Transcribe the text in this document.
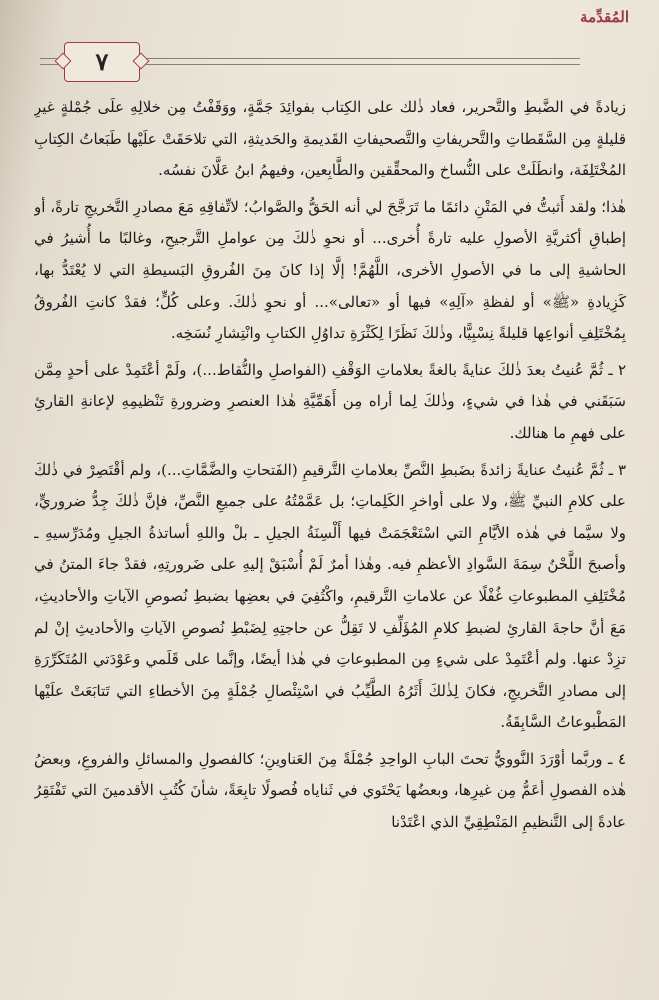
المُقدِّمة
٧

زيادةً في الضَّبطِ والتَّحرير، فعاد ذٰلك على الكِتاب بفوائِدَ جَمَّةٍ، ووَقَفْتُ مِن خلالِهِ علَى جُمْلةٍ غيرِ قليلةٍ مِن السَّقَطاتِ والتَّحريفاتِ والتَّصحيفاتِ القَديمةِ والحَديثةِ، التي تلاحَقَتْ علَيْها طَبَعاتُ الكِتابِ المُخْتَلِفَة، وانطَلَتْ على النُّساخ والمحقِّقين والطَّابِعين، وفيهمُ ابنُ عَلَّانَ نفسُه.

هٰذا؛ ولقد أَثبتُّ في المَتْنِ دائمًا ما تَرَجَّحَ لي أنه الحَقُّ والصَّوابُ؛ لاتِّفاقِهِ مَعَ مصادرِ التَّخريجِ تارةً، أو إطباقِ أكثريَّةِ الأصولِ عليه تارةً أُخرى... أو نحوِ ذٰلكَ مِن عواملِ التَّرجيحِ، وغالبًا ما أُشيرُ في الحاشيةِ إلى ما في الأصولِ الأخرى، اللَّهُمَّ! إلَّا إذا كانَ مِنَ الفُروقِ البَسيطةِ التي لا يُعْتَدُّ بها، كَزِيادةِ «ﷺ» أو لفظةِ «آلِهِ» فيها أو «تعالى»... أو نحوِ ذٰلكَ. وعلى كُلٍّ؛ فقدْ كانتِ الفُروقُ بِمُخْتَلِفِ أنواعِها قليلةً نِسْبِيًّا، وذٰلكَ نَظَرًا لِكَثْرَةِ تداوُلِ الكتابِ وانْتِشارِ نُسَخِه.

٢ ـ ثُمَّ عُنيتُ بعدَ ذٰلكَ عنايةً بالغةً بعلاماتِ الوَقْفِ (الفواصلِ والنُّقاط...)، ولَمْ أعْتَمِدْ على أحدٍ مِمَّن سَبَقَني في هٰذا في شيءٍ، وذٰلكَ لِما أراه مِن أَهَمِّيَّةِ هٰذا العنصرِ وضرورةِ تَنْظيمِهِ لإعانةِ القارئِ على فهمِ ما هنالك.

٣ ـ ثُمَّ عُنيتُ عنايةً زائدةً بضَبطِ النَّصِّ بعلاماتِ التَّرقيمِ (الفَتحاتِ والضَّمَّاتِ...)، ولم أقْتَصِرْ في ذٰلكَ على كلامِ النبيِّ ﷺ، ولا على أواخرِ الكَلِماتِ؛ بل عَمَّمْتُهُ على جميعِ النَّصِّ، فإنَّ ذٰلكَ جِدُّ ضروريٍّ، ولا سيَّما في هٰذه الأيَّامِ التي اسْتَعْجَمَتْ فيها أَلْسِنَةُ الجيلِ ـ بلْ واللهِ أساتذةُ الجيلِ ومُدَرِّسيهِ ـ وأصبحَ اللَّحْنُ سِمَةَ السَّوادِ الأعظمِ فيه. وهٰذا أمرٌ لَمْ أُسْبَقْ إليهِ على ضَرورتِهِ، فقدْ جاءَ المتنُ في مُخْتَلِفِ المطبوعاتِ غُفْلًا عن علاماتِ التَّرقيمِ، واكْتُفِيَ في بعضِها بضبطِ نُصوصِ الآياتِ والأحاديثِ، مَعَ أنَّ حاجةَ القارئِ لضبطِ كلامِ المُؤَلِّفِ لا تَقِلُّ عن حاجتِهِ لِضَبْطِ نُصوصِ الآياتِ والأحاديثِ إنْ لم تزِدْ عنها. ولم أعْتَمِدْ على شيءٍ مِن المطبوعاتِ في هٰذا أيضًا، وإنَّما على قَلَمي وعَوْدَتي المُتَكَرِّرَةِ إلى مصادرِ التَّخريجِ، فكانَ لِذٰلكَ أَثَرُهُ الطَّيِّبُ في اسْتِئْصالِ جُمْلَةٍ مِنَ الأخطاءِ التي تَتابَعَتْ علَيْها المَطْبوعاتُ السَّابِقَةُ.

٤ ـ وربَّما أوْرَدَ النَّوويُّ تحتَ البابِ الواحِدِ جُمْلَةً مِنَ العَناوينِ؛ كالفصولِ والمسائلِ والفروعِ، وبعضُ هٰذه الفصولِ أعَمُّ مِن غيرِها، وبعضُها يَحْتَوي في ثَناياه فُصولًا تابِعَةً، شأنَ كُتُبِ الأقدمينَ التي تَفْتَقِرُ عادةً إلى التَّنظيمِ المَنْطِقِيِّ الذي اعْتَدْنا
